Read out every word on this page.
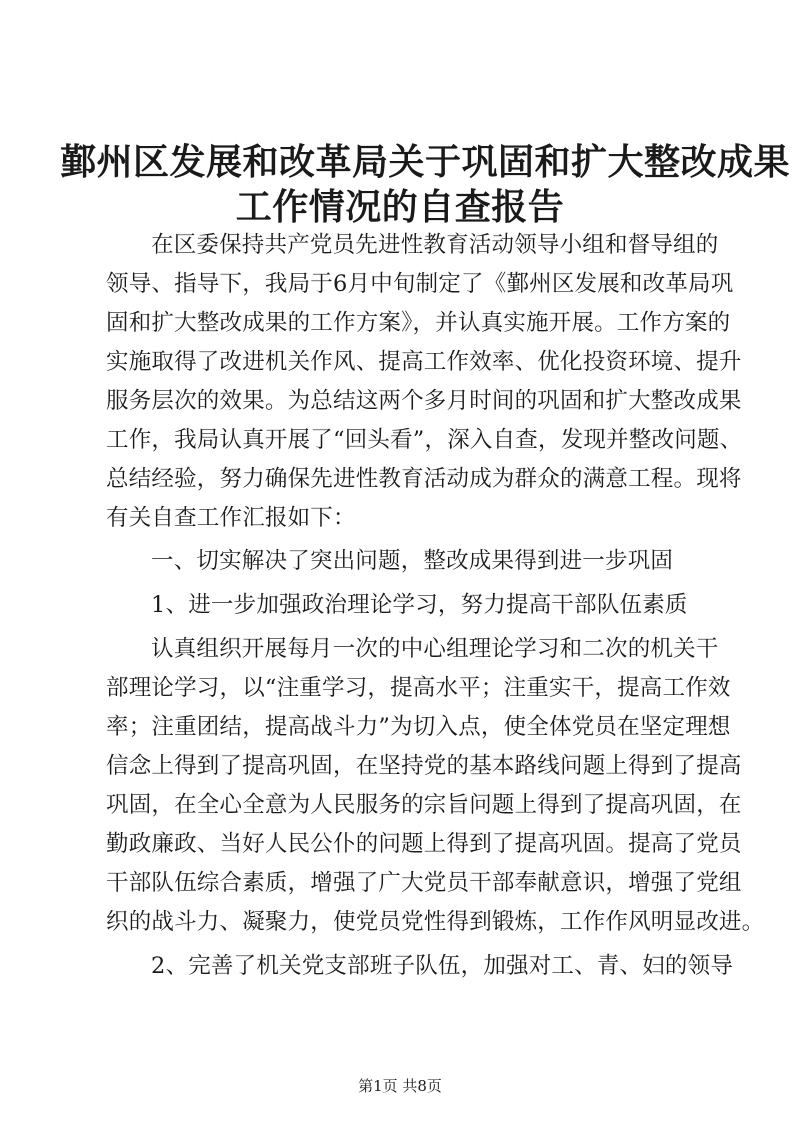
鄞州区发展和改革局关于巩固和扩大整改成果
工作情况的自查报告
在区委保持共产党员先进性教育活动领导小组和督导组的
领导、指导下，我局于6月中旬制定了《鄞州区发展和改革局巩
固和扩大整改成果的工作方案》，并认真实施开展。工作方案的
实施取得了改进机关作风、提高工作效率、优化投资环境、提升
服务层次的效果。为总结这两个多月时间的巩固和扩大整改成果
工作，我局认真开展了“回头看”，深入自查，发现并整改问题、
总结经验，努力确保先进性教育活动成为群众的满意工程。现将
有关自查工作汇报如下：
一、切实解决了突出问题，整改成果得到进一步巩固
1、进一步加强政治理论学习，努力提高干部队伍素质
认真组织开展每月一次的中心组理论学习和二次的机关干
部理论学习，以“注重学习，提高水平；注重实干，提高工作效
率；注重团结，提高战斗力”为切入点，使全体党员在坚定理想
信念上得到了提高巩固，在坚持党的基本路线问题上得到了提高
巩固，在全心全意为人民服务的宗旨问题上得到了提高巩固，在
勤政廉政、当好人民公仆的问题上得到了提高巩固。提高了党员
干部队伍综合素质，增强了广大党员干部奉献意识，增强了党组
织的战斗力、凝聚力，使党员党性得到锻炼，工作作风明显改进。
2、完善了机关党支部班子队伍，加强对工、青、妇的领导
第1页 共8页
